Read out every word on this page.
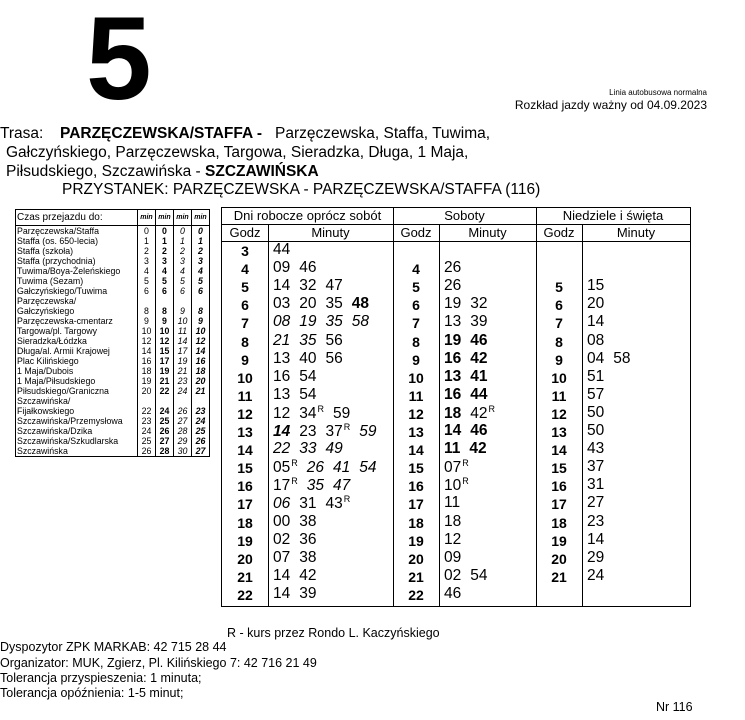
5	Linia autobusowa normalna
Rozkład jazdy ważny od 04.09.2023
Trasa: PARZĘCZEWSKA/STAFFA - Parzęczewska, Staffa, Tuwima,
Gałczyńskiego, Parzęczewska, Targowa, Sieradzka, Długa, 1 Maja,
Piłsudskiego, Szczawińska - SZCZAWIŃSKA
PRZYSTANEK: PARZĘCZEWSKA - PARZĘCZEWSKA/STAFFA (116)
Czas przejazdu do:	min	min	min	min
Parzęczewska/Staffa	0	0	0	0
Staffa (os. 650-lecia)	1	1	1	1
Staffa (szkoła)	2	2	2	2
Staffa (przychodnia)	3	3	3	3
Tuwima/Boya-Żeleńskiego	4	4	4	4
Tuwima (Sezam)	5	5	5	5
Gałczyńskiego/Tuwima	6	6	6	6

Parzęczewska/
Gałczyńskiego	8	8	9	8
Parzęczewska-cmentarz	9	9	10	9
Targowa/pl. Targowy	10	10	11	10
Sieradzka/Łódzka	12	12	14	12
Długa/al. Armii Krajowej	14	15	17	14
Plac Kilińskiego	16	17	19	16
1 Maja/Dubois	18	19	21	18
1 Maja/Piłsudskiego	19	21	23	20
Piłsudskiego/Graniczna	20	22	24	21

Szczawińska/
Fijałkowskiego	22	24	26	23
Szczawińska/Przemysłowa	23	25	27	24
Szczawińska/Dzika	24	26	28	25
Szczawińska/Szkudlarska	25	27	29	26
Szczawińska	26	28	30	27
Dni robocze oprócz sobót
Godz	Minuty
3	44
4	09 46
5	14 32 47
6	03 20 35 48
7	08 19 35 58
8	21 35 56
9	13 40 56
10	16 54
11	13 54
12	12 $34^R$ 59
13	14 23 $37^R$ 59
14	22 33 49
15	$05^R$ 26 41 54
16	$17^R$ 35 47
17	06 31 $43^R$
18	00 38
19	02 36
20	07 38
21	14 42
22	14 39
Soboty
Godz	Minuty
4	26
5	26
6	19 32
7	13 39
8	19 46
9	16 42
10	13 41
11	16 44
12	18 $42^R$
13	14 46
14	11 42
15	$07^R$
16	$10^R$
17	11
18	18
19	12
20	09
21	02 54
22	46
Niedziele i święta
Godz	Minuty
5	15
6	20
7	14
8	08
9	04 58
10	51
11	57
12	50
13	50
14	43
15	37
16	31
17	27
18	23
19	14
20	29
21	24
R - kurs przez Rondo L. Kaczyńskiego
Dyspozytor ZPK MARKAB: 42 715 28 44
Organizator: MUK, Zgierz, Pl. Kilińskiego 7: 42 716 21 49
Tolerancja przyspieszenia: 1 minuta;
Tolerancja opóźnienia: 1-5 minut;
Nr 116
